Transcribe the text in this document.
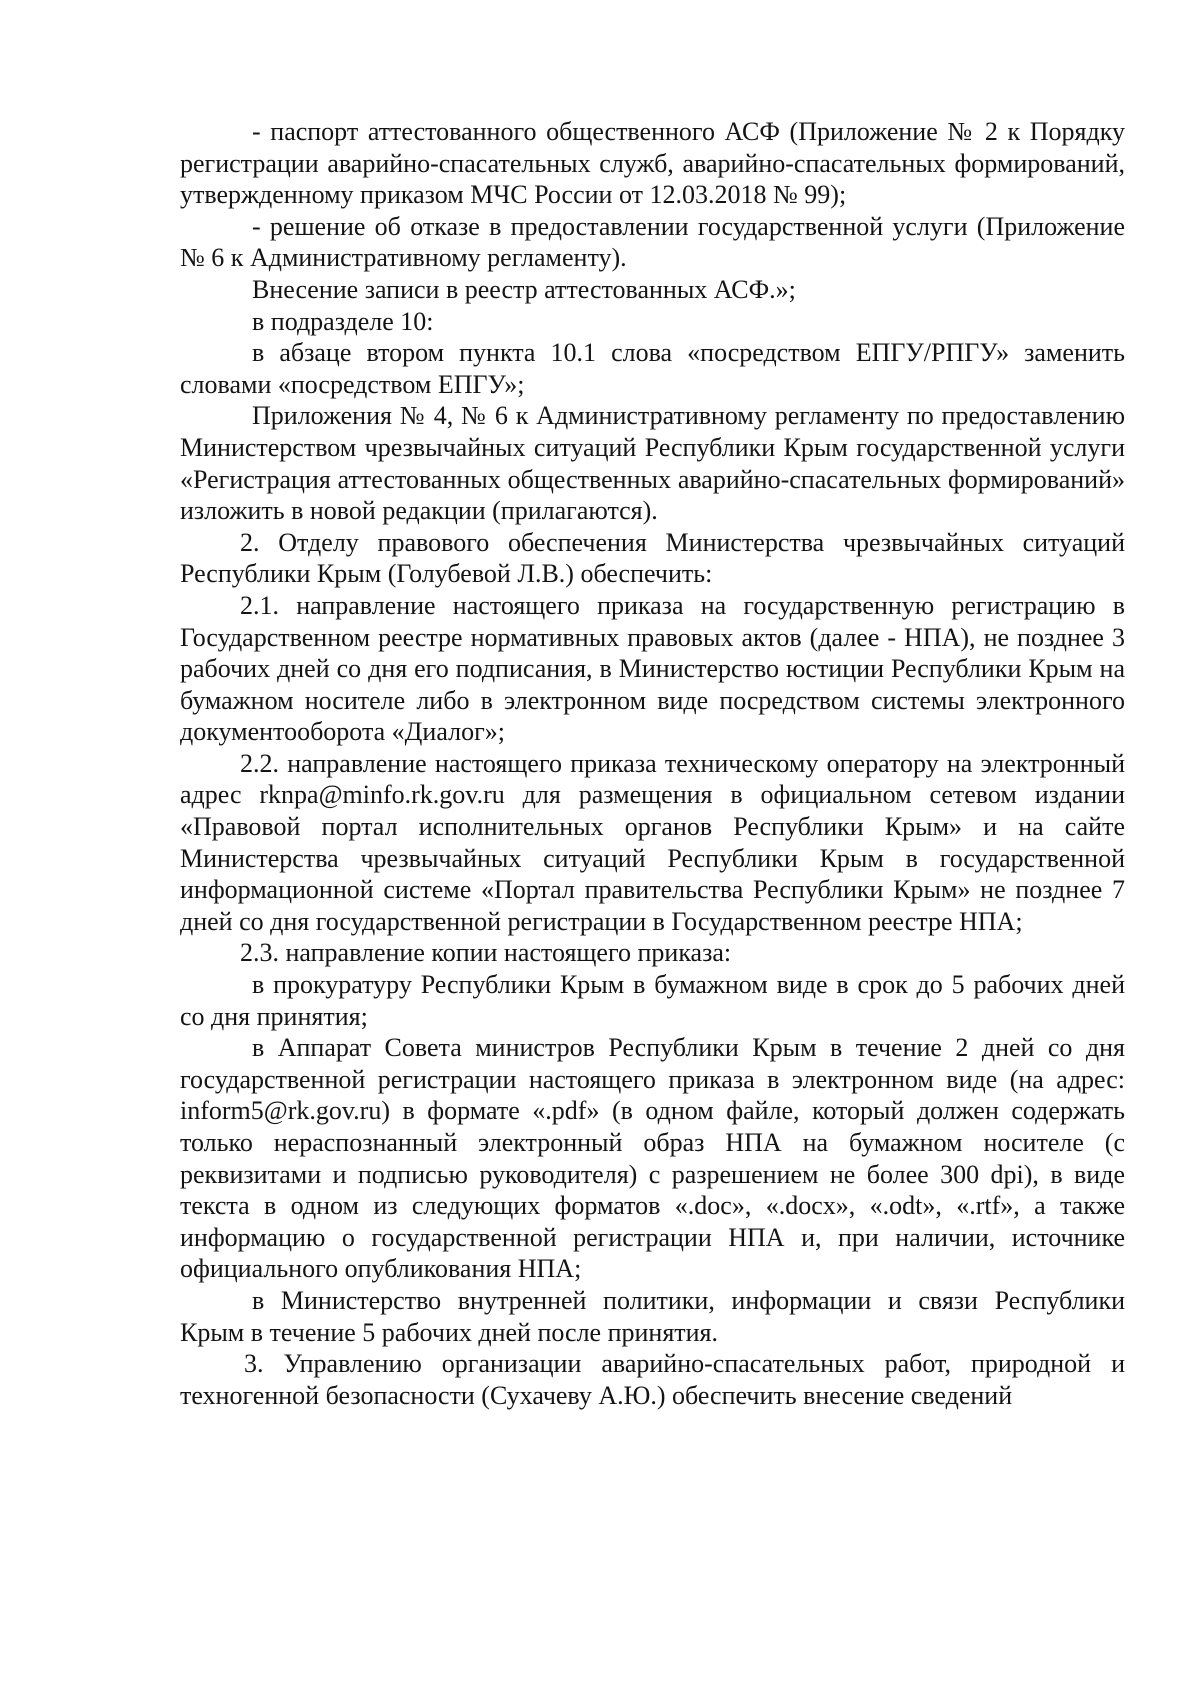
- паспорт аттестованного общественного АСФ (Приложение № 2 к Порядку регистрации аварийно-спасательных служб, аварийно-спасательных формирований, утвержденному приказом МЧС России от 12.03.2018 № 99);

- решение об отказе в предоставлении государственной услуги (Приложение № 6 к Административному регламенту).

Внесение записи в реестр аттестованных АСФ.»;

в подразделе 10:

в абзаце втором пункта 10.1 слова «посредством ЕПГУ/РПГУ» заменить словами «посредством ЕПГУ»;

Приложения № 4, № 6 к Административному регламенту по предоставлению Министерством чрезвычайных ситуаций Республики Крым государственной услуги «Регистрация аттестованных общественных аварийно-спасательных формирований» изложить в новой редакции (прилагаются).

2. Отделу правового обеспечения Министерства чрезвычайных ситуаций Республики Крым (Голубевой Л.В.) обеспечить:

2.1. направление настоящего приказа на государственную регистрацию в Государственном реестре нормативных правовых актов (далее - НПА), не позднее 3 рабочих дней со дня его подписания, в Министерство юстиции Республики Крым на бумажном носителе либо в электронном виде посредством системы электронного документооборота «Диалог»;

2.2. направление настоящего приказа техническому оператору на электронный адрес rknpa@minfo.rk.gov.ru для размещения в официальном сетевом издании «Правовой портал исполнительных органов Республики Крым» и на сайте Министерства чрезвычайных ситуаций Республики Крым в государственной информационной системе «Портал правительства Республики Крым» не позднее 7 дней со дня государственной регистрации в Государственном реестре НПА;

2.3. направление копии настоящего приказа:

в прокуратуру Республики Крым в бумажном виде в срок до 5 рабочих дней со дня принятия;

в Аппарат Совета министров Республики Крым в течение 2 дней со дня государственной регистрации настоящего приказа в электронном виде (на адрес: inform5@rk.gov.ru) в формате «.pdf» (в одном файле, который должен содержать только нераспознанный электронный образ НПА на бумажном носителе (с реквизитами и подписью руководителя) с разрешением не более 300 dpi), в виде текста в одном из следующих форматов «.doc», «.docx», «.odt», «.rtf», а также информацию о государственной регистрации НПА и, при наличии, источнике официального опубликования НПА;

в Министерство внутренней политики, информации и связи Республики Крым в течение 5 рабочих дней после принятия.

3. Управлению организации аварийно-спасательных работ, природной и техногенной безопасности (Сухачеву А.Ю.) обеспечить внесение сведений
